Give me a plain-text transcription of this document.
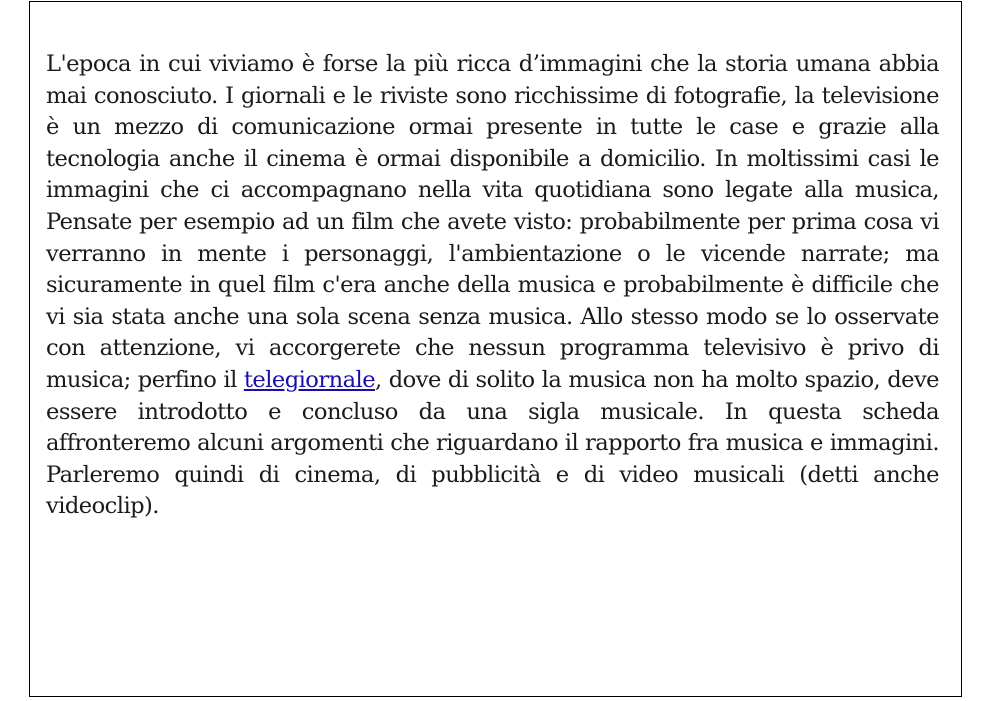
L'epoca in cui viviamo è forse la più ricca d’immagini che la storia umana abbia mai conosciuto. I giornali e le riviste sono ricchissime di fotografie, la televisione è un mezzo di comunicazione ormai presente in tutte le case e grazie alla tecnologia anche il cinema è ormai disponibile a domicilio. In moltissimi casi le immagini che ci accompagnano nella vita quotidiana sono legate alla musica, Pensate per esempio ad un film che avete visto: probabilmente per prima cosa vi verranno in mente i personaggi, l'ambientazione o le vicende narrate; ma sicuramente in quel film c'era anche della musica e probabilmente è difficile che vi sia stata anche una sola scena senza musica. Allo stesso modo se lo osservate con attenzione, vi accorgerete che nessun programma televisivo è privo di musica; perfino il telegiornale, dove di solito la musica non ha molto spazio, deve essere introdotto e concluso da una sigla musicale. In questa scheda affronteremo alcuni argomenti che riguardano il rapporto fra musica e immagini. Parleremo quindi di cinema, di pubblicità e di video musicali (detti anche videoclip).
